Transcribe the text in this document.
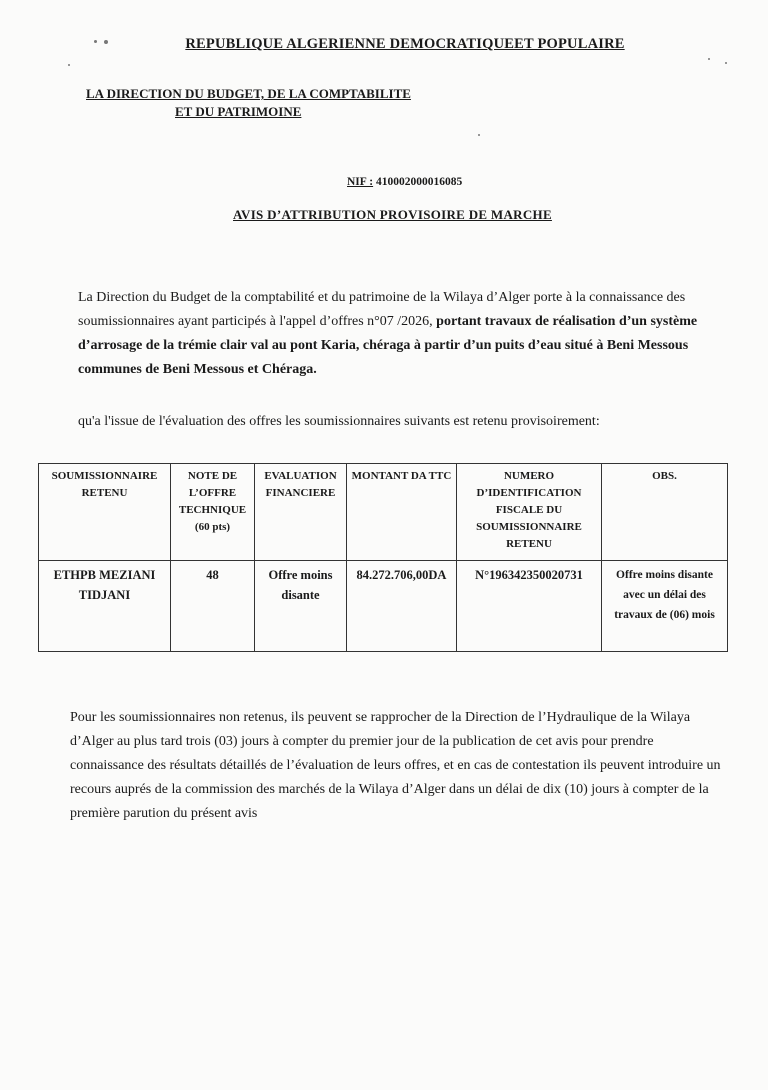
REPUBLIQUE ALGERIENNE DEMOCRATIQUEET POPULAIRE
LA DIRECTION DU BUDGET, DE LA COMPTABILITE
ET DU PATRIMOINE
NIF : 410002000016085
AVIS D’ATTRIBUTION PROVISOIRE DE MARCHE

La Direction du Budget de la comptabilité et du patrimoine de la Wilaya d’Alger porte à la connaissance des soumissionnaires ayant participés à l'appel d’offres n°07 /2026, portant travaux de réalisation d’un système d’arrosage de la trémie clair val au pont Karia, chéraga à partir d’un puits d’eau situé à Beni Messous communes de Beni Messous et Chéraga.

qu'a l'issue de l'évaluation des offres les soumissionnaires suivants est retenu provisoirement:
SOUMISSIONNAIRE RETENU	NOTE DE L’OFFRE TECHNIQUE (60 pts)	EVALUATION FINANCIERE	MONTANT DA TTC	NUMERO D’IDENTIFICATION FISCALE DU SOUMISSIONNAIRE RETENU	OBS.
ETHPB MEZIANI TIDJANI	48	Offre moins disante	84.272.706,00DA	N°196342350020731	Offre moins disante avec un délai des travaux de (06) mois
Pour les soumissionnaires non retenus, ils peuvent se rapprocher de la Direction de l’Hydraulique de la Wilaya d’Alger au plus tard trois (03) jours à compter du premier jour de la publication de cet avis pour prendre connaissance des résultats détaillés de l’évaluation de leurs offres, et en cas de contestation ils peuvent introduire un recours auprés de la commission des marchés de la Wilaya d’Alger dans un délai de dix (10) jours à compter de la première parution du présent avis
